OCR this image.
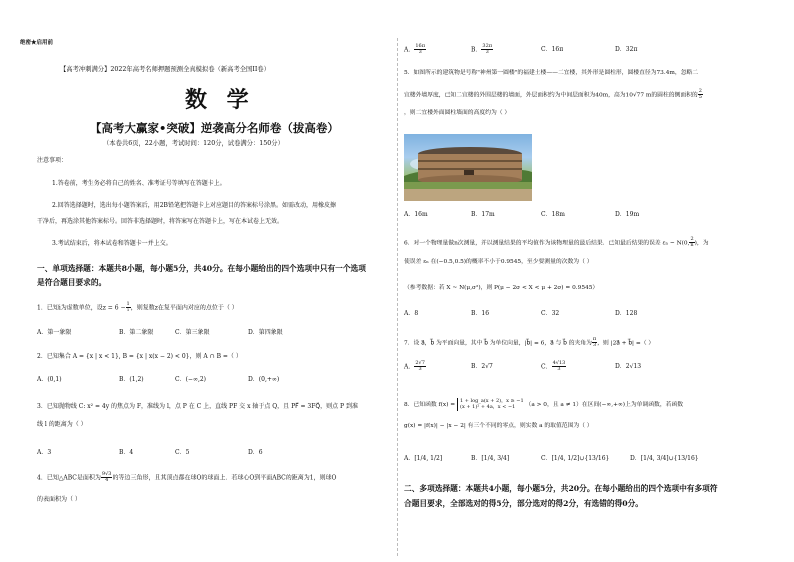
绝密★启用前
【高考冲刺满分】2022年高考名师押题预测全真模拟卷（新高考全国II卷）
数 学
【高考大赢家•突破】逆袭高分名师卷（拔高卷）
（本卷共6页，22小题，考试时间：120分，试卷满分：150分）
注意事项：
1.答卷前，考生务必将自己的姓名、准考证号等填写在答题卡上。
2.回答选择题时，选出每小题答案后，用2B铅笔把答题卡上对应题目的答案标号涂黑。如需改动，用橡皮擦
干净后，再选涂其他答案标号。回答非选择题时，将答案写在答题卡上，写在本试卷上无效。
3.考试结束后，将本试卷和答题卡一并上交。
一、单项选择题：本题共8小题，每小题5分，共40分。在每小题给出的四个选项中只有一个选项
是符合题目要求的。
1．已知i为虚数单位，设$z = 6 - \frac{1}{i}$ ，则复数z在复平面内对应的点位于（ ）
A．第一象限	B．第二象限	C．第三象限	D．第四象限
2．已知集合 A = {x | x < 1}, B = {x | x(x − 2) < 0}，则 A ∩ B =（ ）
A．(0,1)	B．(1,2)	C．(−∞,2)	D．(0,+∞)
3．已知抛物线 C: x² = 4y 的焦点为 F，准线为 l，点 P 在 C 上，直线 PF 交 x 轴于点 Q，且 PF⃗ = 3FQ⃗，则点 P 到准
线 l 的距离为（ ）
A．3	B．4	C．5	D．6
4．已知△ABC是面积为 $\frac{9√3}{4}$ 的等边三角形，且其顶点都在球O的球面上．若球心O到平面ABC的距离为1，则球O
的表面积为（ ）
A． $\frac{16\pi}{3}$	B． $\frac{32\pi}{3}$	C．16π	D．32π
5．如图所示的建筑物是号称"神州第一圆楼"的福建土楼——二宜楼，其外形是圆柱形，圆楼直径为73.4m，忽略二
宜楼外墙厚度，已知二宜楼的外围层楼的墙面，外层面积约为中间层面积为40m，高为10√77 m的圆柱的侧面积的 $\frac{2}{5}$
，则二宜楼外面圆柱墙面的高度约为（ ）
A．16m	B．17m	C．18m	D．19m
6．对一个物理量做n次测量，并以测量结果的平均值作为该物理量的最后结果．已知最后结果的误差 εₙ ~ N(0, $\frac{2}{n}$ )，为
使误差 εₙ 在(−0.5,0.5)的概率不小于0.9545，至少要测量的次数为（ ）
（参考数据：若 X ~ N(μ,σ²)，则 P(μ − 2σ < X < μ + 2σ) = 0.9545）
A．8	B．16	C．32	D．128
7．设 a⃗，b⃗ 为平面向量，其中 b⃗ 为单位向量，|b⃗| = 6，a⃗ 与 b⃗ 的夹角为 $\frac{\pi}{3}$ ，则 |2a⃗ + b⃗| =（ ）
A． $\frac{2√7}{3}$	B．2√7	C． $\frac{4√13}{3}$	D．2√13
8．已知函数 f(x) =
1 + log_a(x + 2)，x ≥ −1
(x + 1)² + 4a，x < −1	（a > 0，且 a ≠ 1）在区间(−∞,+∞)上为单调函数，若函数
g(x) = |f(x)| − |x − 2| 有三个不同的零点，则实数 a 的取值范围为（ ）
A．[1/4, 1/2]	B．[1/4, 3/4]	C．[1/4, 1/2]∪{13/16}	D．[1/4, 3/4]∪{13/16}
二、多项选择题：本题共4小题，每小题5分，共20分。在每小题给出的四个选项中有多项符
合题目要求，全部选对的得5分，部分选对的得2分，有选错的得0分。
